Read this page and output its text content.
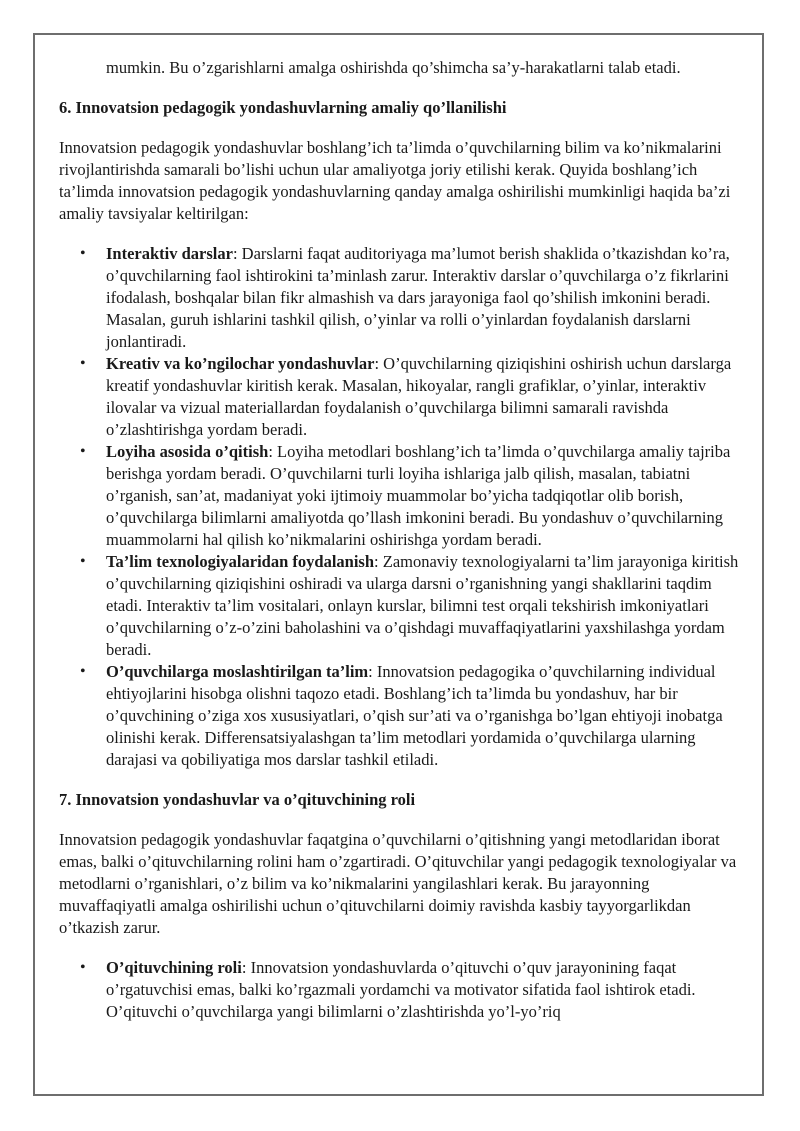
mumkin. Bu o’zgarishlarni amalga oshirishda qo’shimcha sa’y-harakatlarni talab etadi.

6. Innovatsion pedagogik yondashuvlarning amaliy qo’llanilishi

Innovatsion pedagogik yondashuvlar boshlang’ich ta’limda o’quvchilarning bilim va ko’nikmalarini rivojlantirishda samarali bo’lishi uchun ular amaliyotga joriy etilishi kerak. Quyida boshlang’ich ta’limda innovatsion pedagogik yondashuvlarning qanday amalga oshirilishi mumkinligi haqida ba’zi amaliy tavsiyalar keltirilgan:

• Interaktiv darslar: Darslarni faqat auditoriyaga ma’lumot berish shaklida o’tkazishdan ko’ra, o’quvchilarning faol ishtirokini ta’minlash zarur. Interaktiv darslar o’quvchilarga o’z fikrlarini ifodalash, boshqalar bilan fikr almashish va dars jarayoniga faol qo’shilish imkonini beradi. Masalan, guruh ishlarini tashkil qilish, o’yinlar va rolli o’yinlardan foydalanish darslarni jonlantiradi.
• Kreativ va ko’ngilochar yondashuvlar: O’quvchilarning qiziqishini oshirish uchun darslarga kreatif yondashuvlar kiritish kerak. Masalan, hikoyalar, rangli grafiklar, o’yinlar, interaktiv ilovalar va vizual materiallardan foydalanish o’quvchilarga bilimni samarali ravishda o’zlashtirishga yordam beradi.
• Loyiha asosida o’qitish: Loyiha metodlari boshlang’ich ta’limda o’quvchilarga amaliy tajriba berishga yordam beradi. O’quvchilarni turli loyiha ishlariga jalb qilish, masalan, tabiatni o’rganish, san’at, madaniyat yoki ijtimoiy muammolar bo’yicha tadqiqotlar olib borish, o’quvchilarga bilimlarni amaliyotda qo’llash imkonini beradi. Bu yondashuv o’quvchilarning muammolarni hal qilish ko’nikmalarini oshirishga yordam beradi.
• Ta’lim texnologiyalaridan foydalanish: Zamonaviy texnologiyalarni ta’lim jarayoniga kiritish o’quvchilarning qiziqishini oshiradi va ularga darsni o’rganishning yangi shakllarini taqdim etadi. Interaktiv ta’lim vositalari, onlayn kurslar, bilimni test orqali tekshirish imkoniyatlari o’quvchilarning o’z-o’zini baholashini va o’qishdagi muvaffaqiyatlarini yaxshilashga yordam beradi.
• O’quvchilarga moslashtirilgan ta’lim: Innovatsion pedagogika o’quvchilarning individual ehtiyojlarini hisobga olishni taqozo etadi. Boshlang’ich ta’limda bu yondashuv, har bir o’quvchining o’ziga xos xususiyatlari, o’qish sur’ati va o’rganishga bo’lgan ehtiyoji inobatga olinishi kerak. Differensatsiyalashgan ta’lim metodlari yordamida o’quvchilarga ularning darajasi va qobiliyatiga mos darslar tashkil etiladi.
7. Innovatsion yondashuvlar va o’qituvchining roli

Innovatsion pedagogik yondashuvlar faqatgina o’quvchilarni o’qitishning yangi metodlaridan iborat emas, balki o’qituvchilarning rolini ham o’zgartiradi. O’qituvchilar yangi pedagogik texnologiyalar va metodlarni o’rganishlari, o’z bilim va ko’nikmalarini yangilashlari kerak. Bu jarayonning muvaffaqiyatli amalga oshirilishi uchun o’qituvchilarni doimiy ravishda kasbiy tayyorgarlikdan o’tkazish zarur.

• O’qituvchining roli: Innovatsion yondashuvlarda o’qituvchi o’quv jarayonining faqat o’rgatuvchisi emas, balki ko’rgazmali yordamchi va motivator sifatida faol ishtirok etadi. O’qituvchi o’quvchilarga yangi bilimlarni o’zlashtirishda yo’l-yo’riq
